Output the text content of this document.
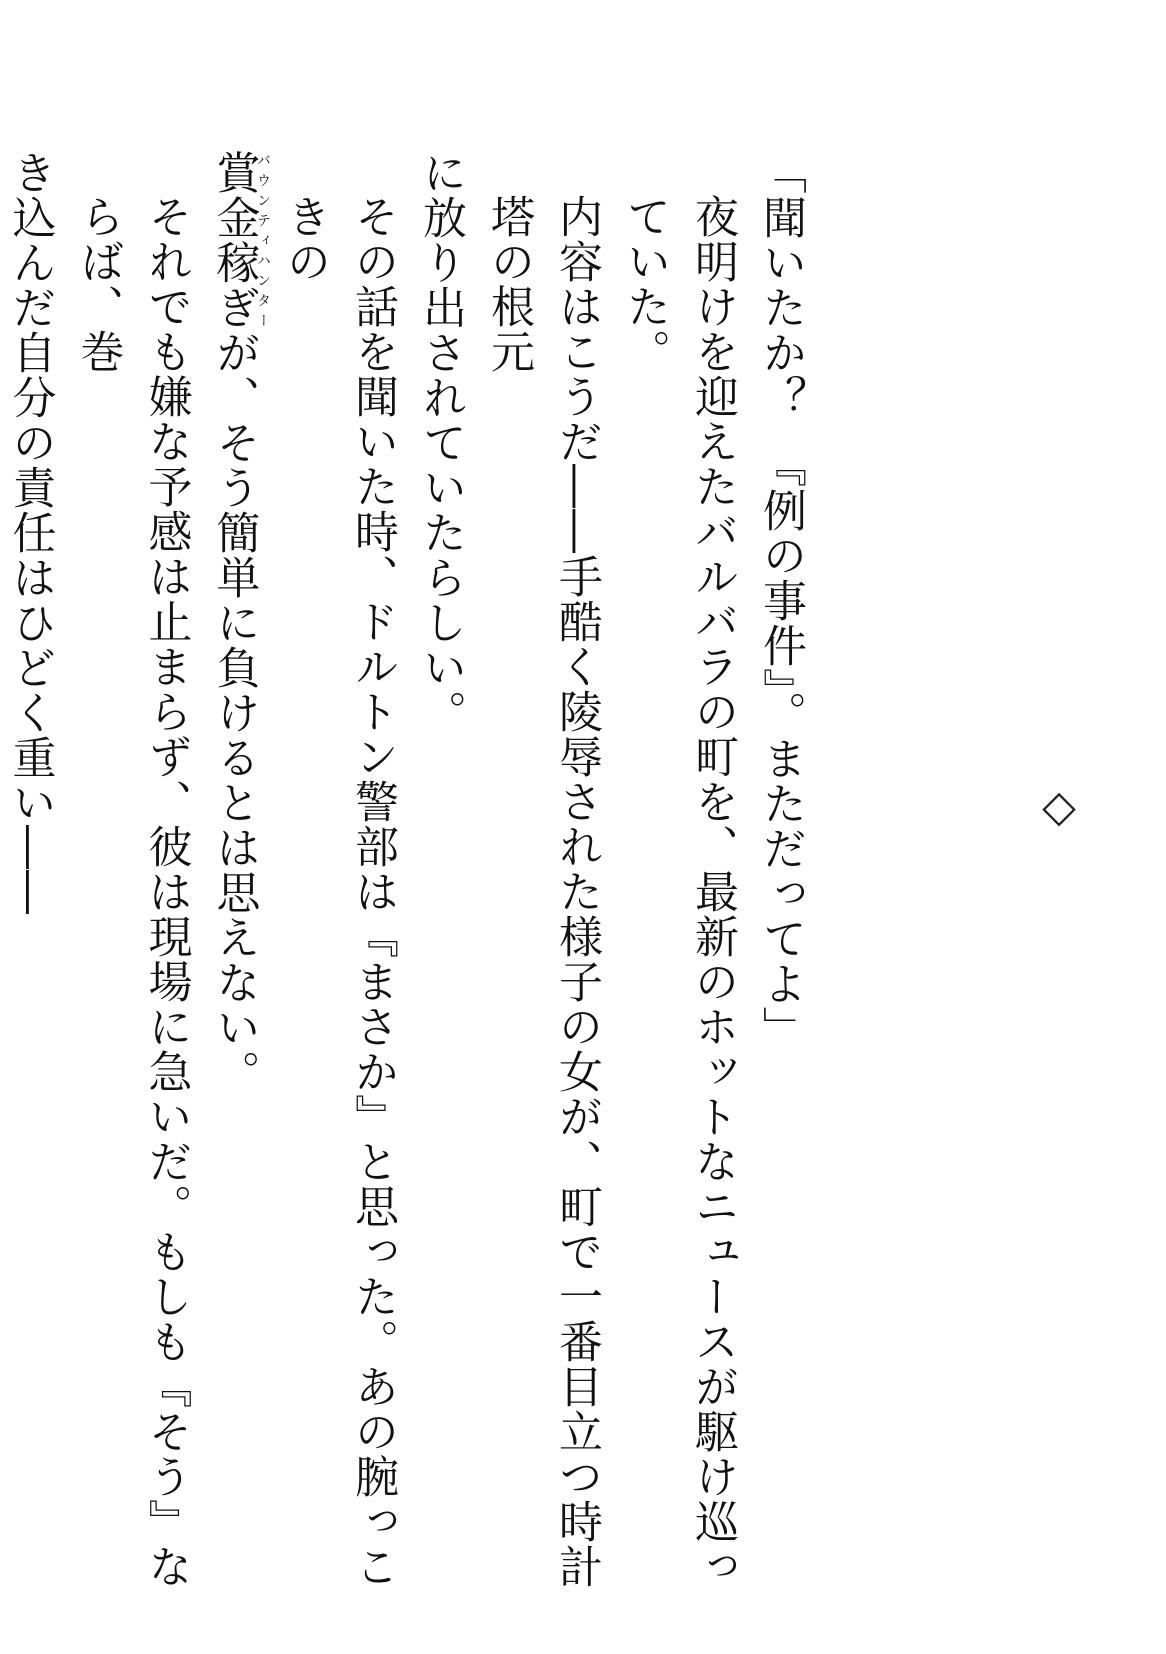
◇

「聞いたか？　『例の事件』。まただってよ」

夜明けを迎えたバルバラの町を、最新のホットなニュースが駆け巡っていた。

内容はこうだ――手酷く陵辱された様子の女が、町で一番目立つ時計塔の根元

に放り出されていたらしい。

その話を聞いた時、ドルトン警部は『まさか』と思った。あの腕っこきの

賞金稼ぎバウンティハンターが、そう簡単に負けるとは思えない。

それでも嫌な予感は止まらず、彼は現場に急いだ。もしも『そう』ならば、巻

き込んだ自分の責任はひどく重い――
